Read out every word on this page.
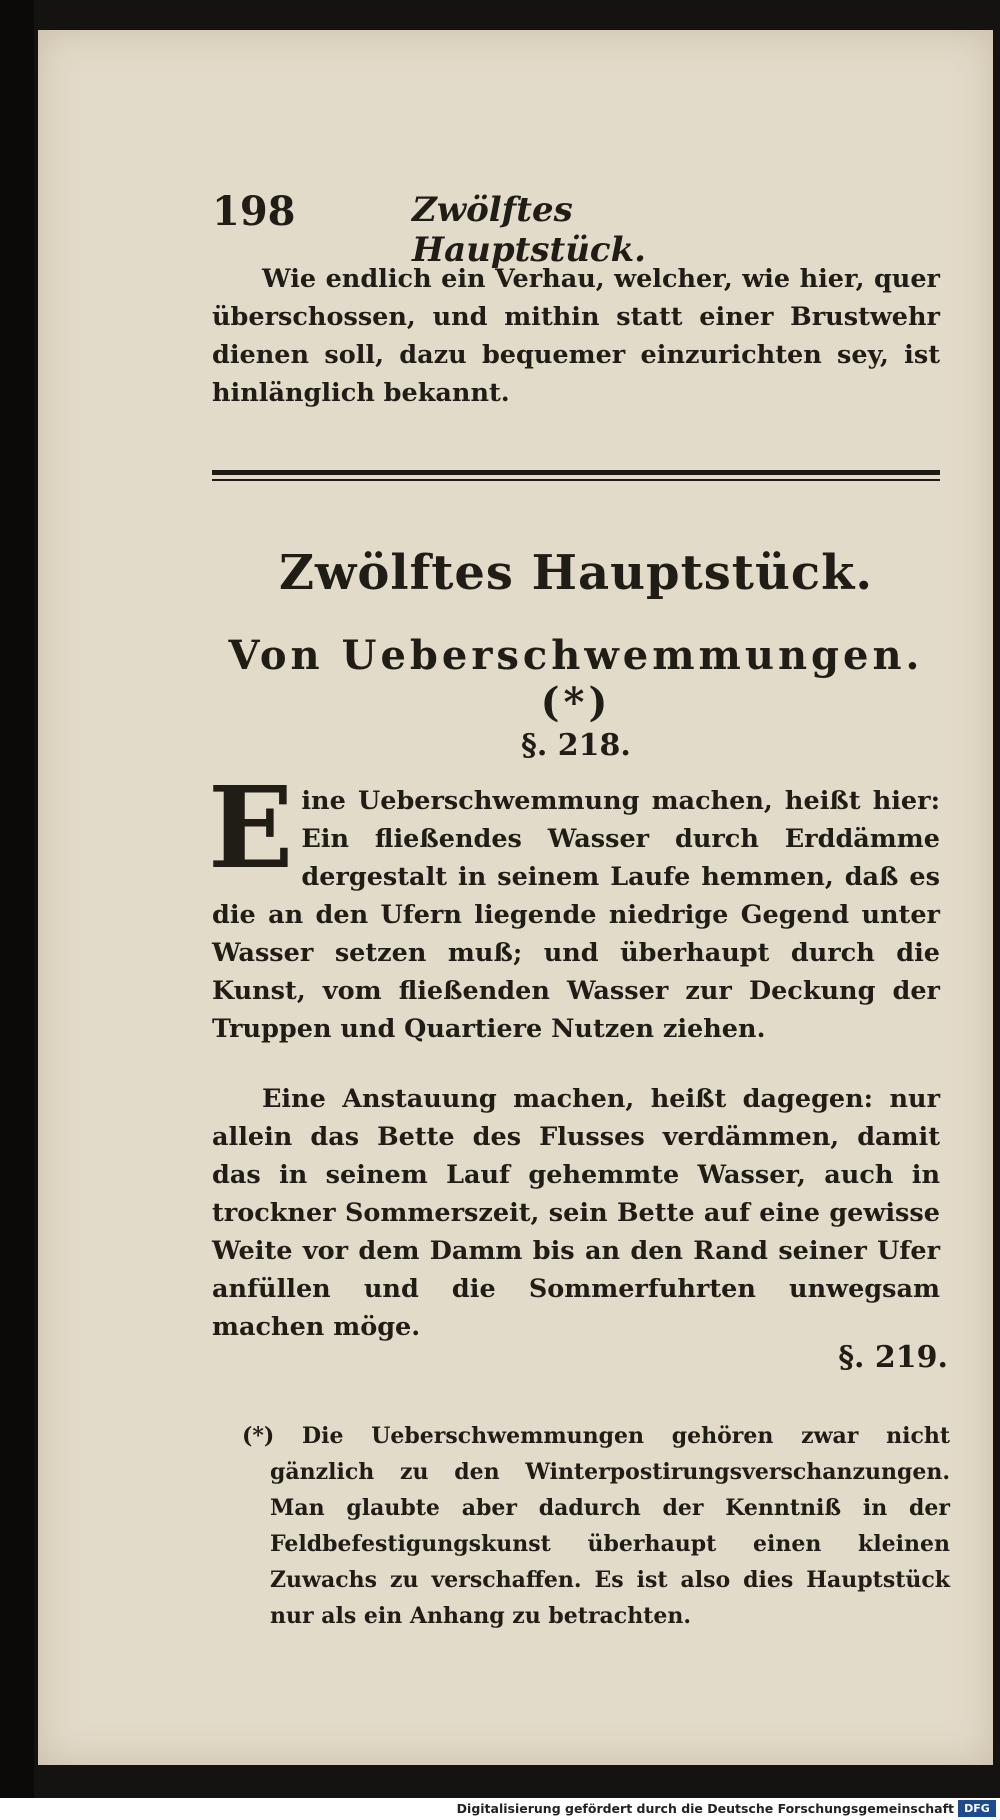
198	Zwölftes Hauptstück.

Wie endlich ein Verhau, welcher, wie hier, quer überschossen, und mithin statt einer Brustwehr dienen soll, dazu bequemer einzurichten sey, ist hinlänglich bekannt.

Zwölftes Hauptstück.
Von Ueberschwemmungen. (*)
§. 218.
Eine Ueberschwemmung machen, heißt hier: Ein fließendes Wasser durch Erddämme dergestalt in seinem Laufe hemmen, daß es die an den Ufern liegende niedrige Gegend unter Wasser setzen muß; und überhaupt durch die Kunst, vom fließenden Wasser zur Deckung der Truppen und Quartiere Nutzen ziehen.

Eine Anstauung machen, heißt dagegen: nur allein das Bette des Flusses verdämmen, damit das in seinem Lauf gehemmte Wasser, auch in trockner Sommerszeit, sein Bette auf eine gewisse Weite vor dem Damm bis an den Rand seiner Ufer anfüllen und die Sommerfuhrten unwegsam machen möge.

§. 219.

(*) Die Ueberschwemmungen gehören zwar nicht gänzlich zu den Winterpostirungsverschanzungen. Man glaubte aber dadurch der Kenntniß in der Feldbefestigungskunst überhaupt einen kleinen Zuwachs zu verschaffen. Es ist also dies Hauptstück nur als ein Anhang zu betrachten.

Digitalisierung gefördert durch die Deutsche Forschungsgemeinschaft DFG
